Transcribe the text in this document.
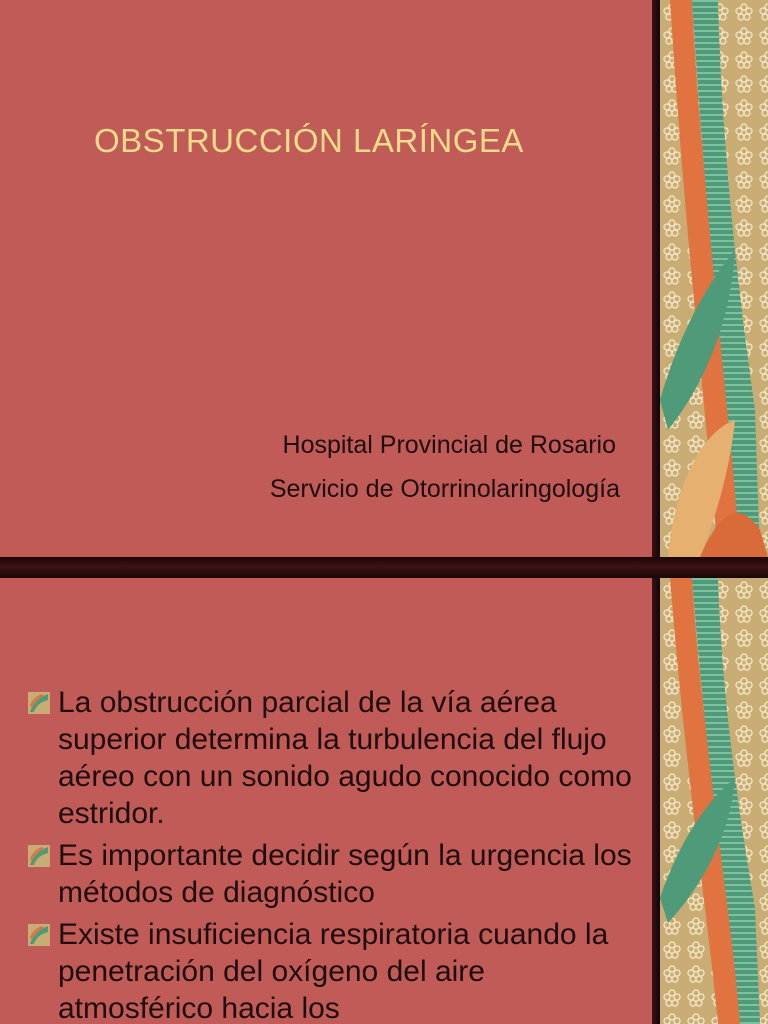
OBSTRUCCIÓN LARÍNGEA
Hospital Provincial de Rosario
Servicio de Otorrinolaringología
La obstrucción parcial de la vía aérea superior determina la turbulencia del flujo aéreo con un sonido agudo conocido como estridor.
Es importante decidir según la urgencia los métodos de diagnóstico
Existe insuficiencia respiratoria cuando la penetración del oxígeno del aire atmosférico hacia los
